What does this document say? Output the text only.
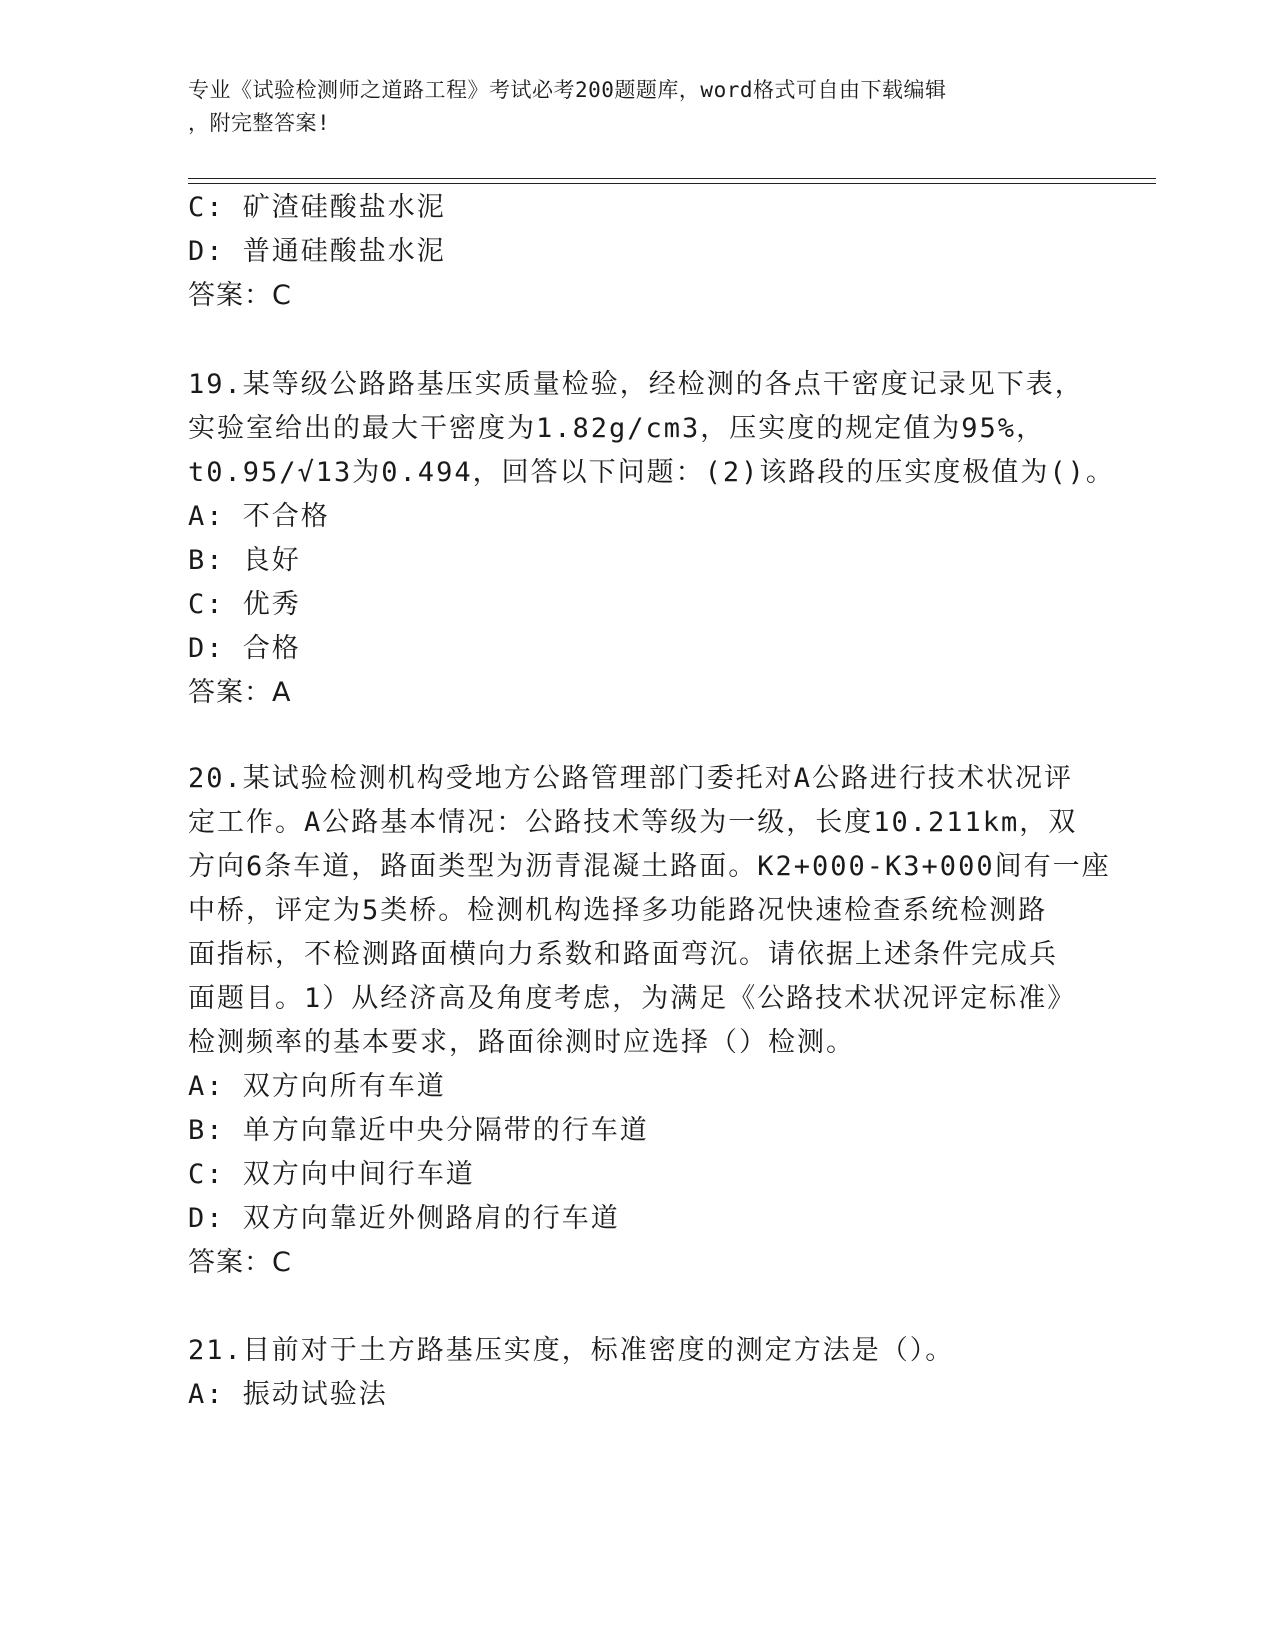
专业《试验检测师之道路工程》考试必考200题题库，word格式可自由下载编辑
，附完整答案!
C: 矿渣硅酸盐水泥
D: 普通硅酸盐水泥
答案：C
19.某等级公路路基压实质量检验，经检测的各点干密度记录见下表，
实验室给出的最大干密度为1.82g/cm3，压实度的规定值为95%，
t0.95/√13为0.494，回答以下问题：(2)该路段的压实度极值为()。
A: 不合格
B: 良好
C: 优秀
D: 合格
答案：A
20.某试验检测机构受地方公路管理部门委托对A公路进行技术状况评
定工作。A公路基本情况：公路技术等级为一级，长度10.211km，双
方向6条车道，路面类型为沥青混凝土路面。K2+000-K3+000间有一座
中桥，评定为5类桥。检测机构选择多功能路况快速检查系统检测路
面指标，不检测路面横向力系数和路面弯沉。请依据上述条件完成兵
面题目。1）从经济高及角度考虑，为满足《公路技术状况评定标准》
检测频率的基本要求，路面徐测时应选择（）检测。
A: 双方向所有车道
B: 单方向靠近中央分隔带的行车道
C: 双方向中间行车道
D: 双方向靠近外侧路肩的行车道
答案：C
21.目前对于土方路基压实度，标准密度的测定方法是（）。
A: 振动试验法
